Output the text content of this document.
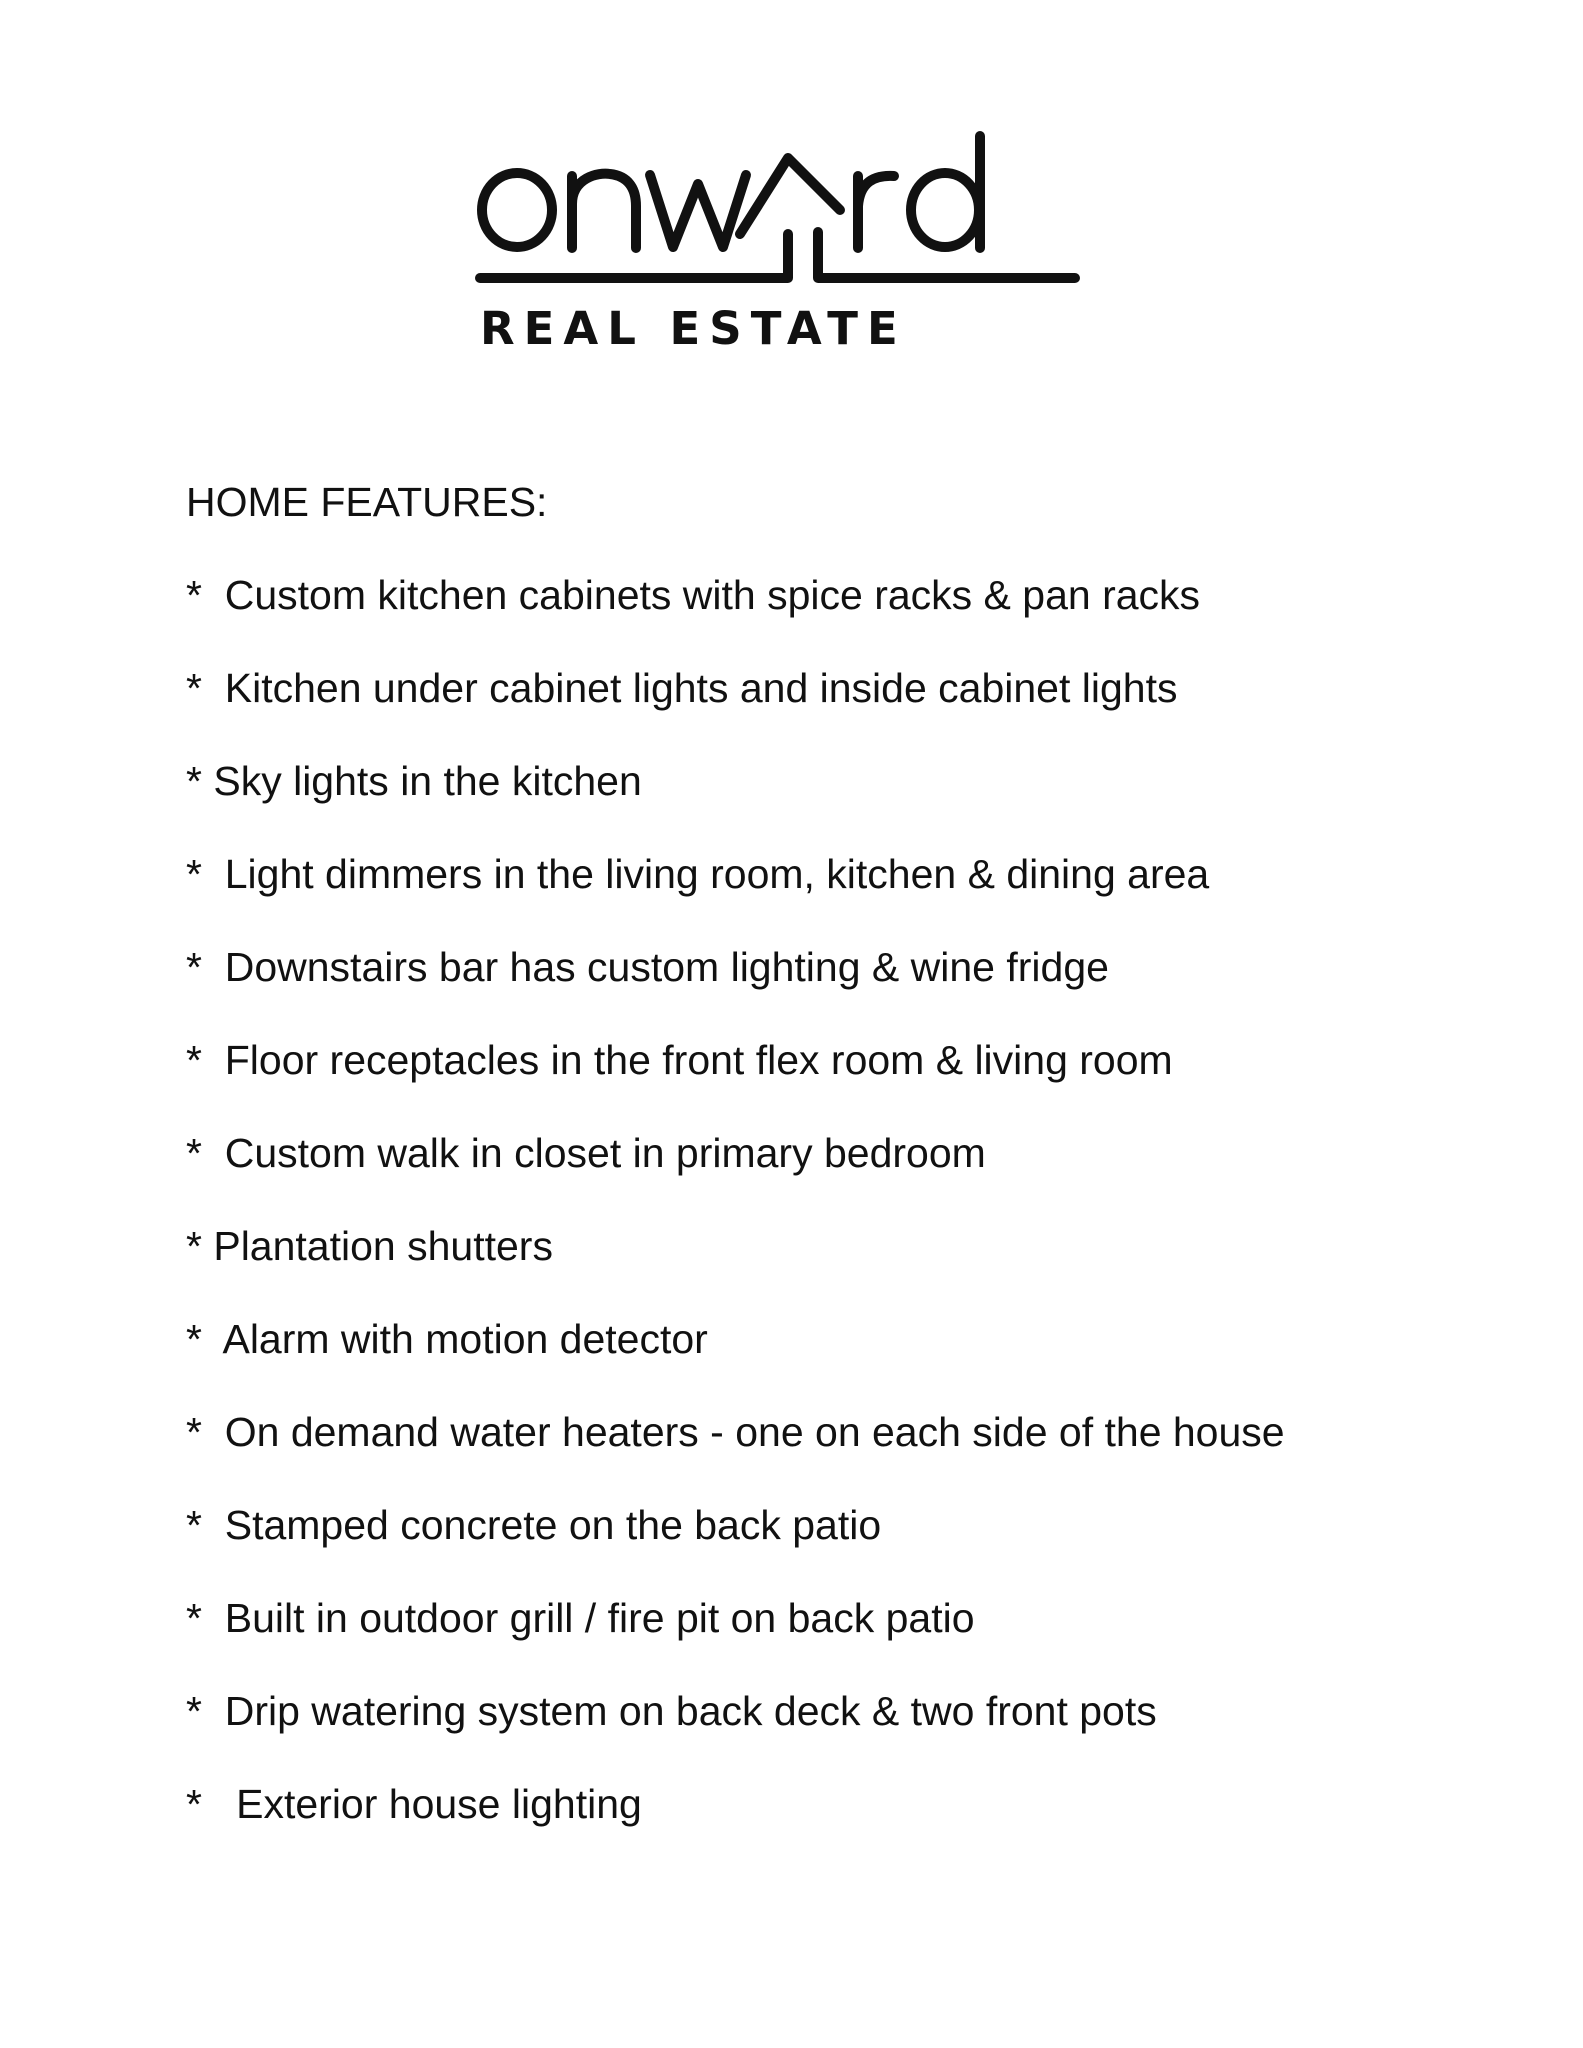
REAL ESTATE
HOME FEATURES:
*  Custom kitchen cabinets with spice racks & pan racks
*  Kitchen under cabinet lights and inside cabinet lights
* Sky lights in the kitchen
*  Light dimmers in the living room, kitchen & dining area
*  Downstairs bar has custom lighting & wine fridge
*  Floor receptacles in the front flex room & living room
*  Custom walk in closet in primary bedroom
* Plantation shutters
*  Alarm with motion detector
*  On demand water heaters - one on each side of the house
*  Stamped concrete on the back patio
*  Built in outdoor grill / fire pit on back patio
*  Drip watering system on back deck & two front pots
*   Exterior house lighting
